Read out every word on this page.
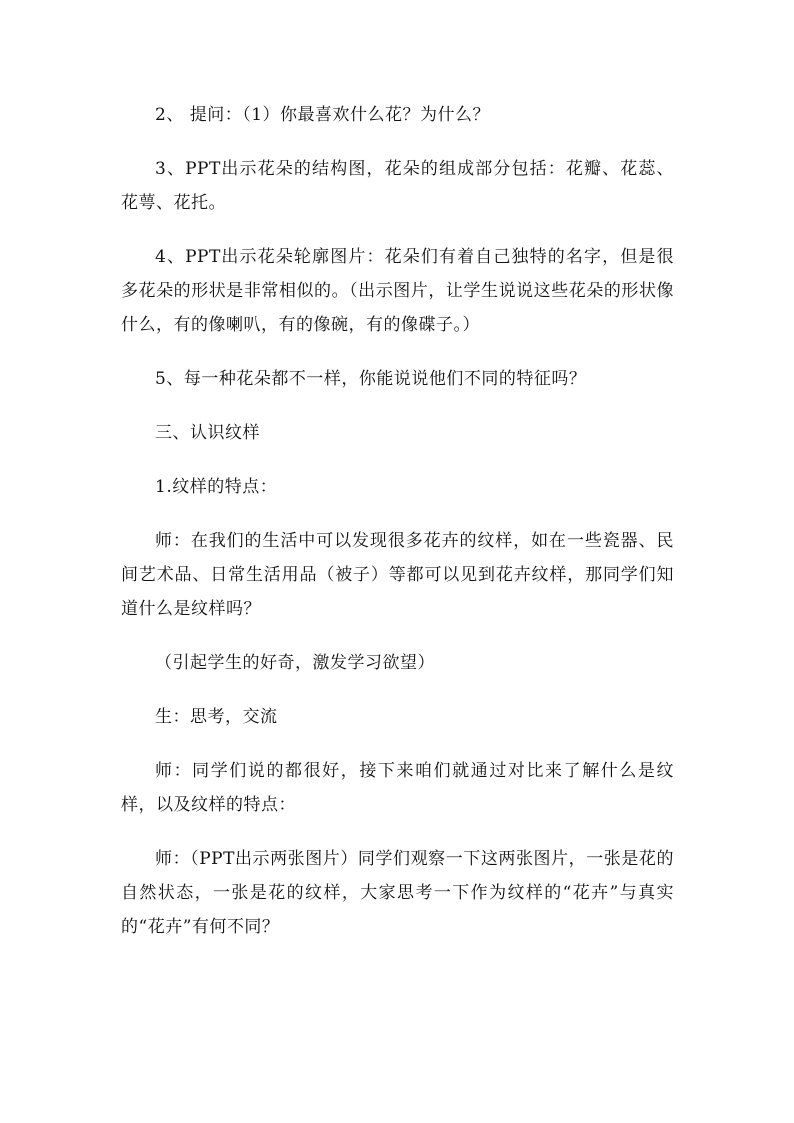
2、 提问：（1）你最喜欢什么花？为什么？

3、PPT出示花朵的结构图，花朵的组成部分包括：花瓣、花蕊、花萼、花托。

4、PPT出示花朵轮廓图片：花朵们有着自己独特的名字，但是很多花朵的形状是非常相似的。（出示图片，让学生说说这些花朵的形状像什么，有的像喇叭，有的像碗，有的像碟子。）

5、每一种花朵都不一样，你能说说他们不同的特征吗？

三、认识纹样

1.纹样的特点：

师：在我们的生活中可以发现很多花卉的纹样，如在一些瓷器、民间艺术品、日常生活用品（被子）等都可以见到花卉纹样，那同学们知道什么是纹样吗？

（引起学生的好奇，激发学习欲望）

生：思考，交流

师：同学们说的都很好，接下来咱们就通过对比来了解什么是纹样，以及纹样的特点：

师：（PPT出示两张图片）同学们观察一下这两张图片，一张是花的自然状态，一张是花的纹样，大家思考一下作为纹样的“花卉”与真实的“花卉”有何不同？
